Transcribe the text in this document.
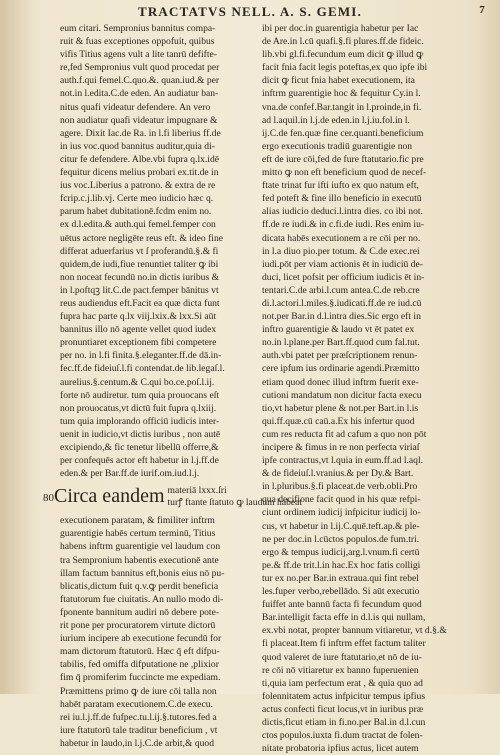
TRACTATVS NELL. A. S. GEMI.	7
eum citari. Sempronius bannitus compa-
ruit & fuas exceptiones oppofuit, quibus
vifis Titius agens vult a lite tanrū defifte-
re,fed Sempronius vult quod procedat per
auth.f.qui femel.C.quo.&. quan.iud.& per
not.in l.edita.C.de eden. An audiatur ban-
nitus quafi videatur defendere. An vero
non audiatur quafi videatur impugnare &
agere. Dixit Iac.de Ra. in l.fi liberius ff.de
in ius voc.quod bannitus auditur,quia di-
citur fe defendere. Albe.vbi fupra q.lx.idē
fequitur dicens melius probari ex.tit.de in
ius voc.Liberius a patrono. & extra de re
fcrip.c.j.lib.vj. Certe meo iudicio hæc q.
parum habet dubitationē.fcdm enim no.
ex d.l.edita.& auth.qui femel.femper con
uētus actore negligēte reus eft. & ideo fine
differat aduerfarius vt ſ proferandū.§.& fi
quidem,de iudi,fiue renuntiet taliter ꝙ ibi
non noceat fecundū no.in dictis iuribus &
in l.poftqꝫ lit.C.de pact.femper bānitus vt
reus audiendus eft.Facit ea quæ dicta funt
fupra hac parte q.lx viij.lxix.& lxx.Si aūt
bannitus illo nō agente vellet quod iudex
pronuntiaret exceptionem fibi competere
per no. in l.fi finita.§.eleganter.ff.de dā.in-
fec.ff.de fideiuſ.l.fi contendat.de lib.legaſ.l.
aurelius.§.centum.& C.qui bo.ce.poſ.l.ij.
forte nō audiretur. tum quia prouocans eſt
non prouocatus,vt dictū fuit fupra q.lxiij.
tum quia implorando officiū iudicis inter-
uenit in iudicio,vt dictis iuribus , non autē
excipiendo,& fic tenetur libellū offerre,&
per confequēs actor eft habetur in l.j.ff.de
eden.& per Bar.ff.de iurif.om.iud.l.j.
80 Circa eandem materiā lxxx.ſri
turꝭ ftante ſtatuto ꝙ laudum habeat
executionem paratam, & fimiliter inftrm
guarentigie habēs certum terminū, Titius
habens inftrm guarentigie vel laudum con
tra Sempronium habentis executionē ante
illam factum bannitus eft,bonis eius nō pu-
blicatis,dictum fuit q.v.ꝙ perdit beneficia
ftatutorum fue ciuitatis. An nullo modo di-
fponente bannitum audiri nō debere pote-
rit pone per procuratorem virtute dictorū
iurium incipere ab executione fecundū for
mam dictorum ftatutorū. Hæc q̄ eft difpu-
tabilis, fed omiffa difputatione ne ,plixior
fim q̄ promiferim fuccincte me expediam.
Præmittens primo ꝙ de iure cōi talla non
habēt paratam executionem.C.de execu.
rei iu.l.j.ff.de fufpec.tu.l.ij.§.tutores.fed a
iure ftatutorū tale traditur beneficium , vt
habetur in laudo,in l.j.C.de arbit,& quod
ibi per doc.in guarentigia habetur per Iac
de Are.in l.cū quafi.§.fi plures.ff.de fideic.
lib.vbi gl.fi.fecundum eum dicit ꝙ illud ꝙ
facit fnia facit legis poteftas,ex quo ipfe ibi
dicit ꝙ ficut fnia habet executionem, ita
inftrm guarentigie hoc & fequitur Cy.in l.
vna.de confef.Bar.tangit in l.proinde,in fi.
ad l.aquil.in l.j.de eden.in l.j.iu.fol.in l.
ij.C.de fen.quæ fine cer.quanti.beneficium
ergo executionis tradiū guarentigie non
eft de iure cōi,fed de fure ftatutario.fic pre
mitto ꝙ non eft beneficium quod de necef-
ftate trinat fur ifti iufto ex quo natum eft,
fed poteft & fine illo beneficio in executū
alias iudicio deduci.l.intra dies. co ibi not.
ff.de re iudi.& in c.fi.de iudi. Res enim iu-
dicata habēs executionem a re cōi per no.
in l.a diuo pio.per totum. & C.de exec.rei
iudi.pōt per viam actionis ēt in iudiciū de-
duci, licet pofsit per officium iudicis ēt in-
tentari.C.de arbi.l.cum antea.C.de reb.cre
di.l.actori.l.miles.§.iudicati.ff.de re iud.cū
not.per Bar.in d.l.intra dies.Sic ergo eft in
inftro guarentigie & laudo vt ēt patet ex
no.in l.plane.per Bart.ff.quod cum fal.tut.
auth.vbi patet per præſcriptionem renun-
cere ipfum ius ordinarie agendi.Præmitto
etiam quod donec illud inftrm fuerit exe-
cutioni mandatum non dicitur facta execu
tio,vt habetur plene & not.per Bart.in l.is
qui.ff.quæ.cū caū.a.Ex his infertur quod
cum res reducta fit ad cafum a quo non pōt
incipere & fimus in re non perfecta viriaſ
ipfe contractus,vt l.quia in eum.ff.ad l.aql.
& de fideiuſ.l.vranius.& per Dy.& Bart.
in l.pluribus.§.fi placeat.de verb.obli.Pro
qua decifione facit quod in his quæ refpi-
ciunt ordinem iudicij infpicitur iudicij lo-
cus, vt habetur in l.ij.C.quē.teft.ap.& ple-
ne per doc.in l.cūctos populos.de fum.tri.
ergo & tempus iudicij,arg.l.vnum.fi certū
pe.& ff.de trit.l.in hac.Ex hoc fatis colligi
tur ex no.per Bar.in extraua.qui fint rebel
les.fuper verbo,rebellādo. Si aūt executio
fuiffet ante bannū facta fi fecundum quod
Bar.intelligit facta effe in d.l.is qui nullam,
ex.vbi notat, propter bannum vitiaretur, vt d.§.&
fi placeat.Item fi inftrm effet factum taliter
quod valeret de iure ftatutario,et nō de iu-
re cōi nō vitiaretur ex banno fuperuenien
ti,quia iam perfectum erat , & quia quo ad
folennitatem actus infpicitur tempus ipfius
actus confecti ficut locus,vt in iuribus præ
dictis,ficut etiam in fi.no.per Bal.in d.l.cun
ctos populos.iuxta fi.dum tractat de folen-
nitate probatoria ipfius actus, licet autem
